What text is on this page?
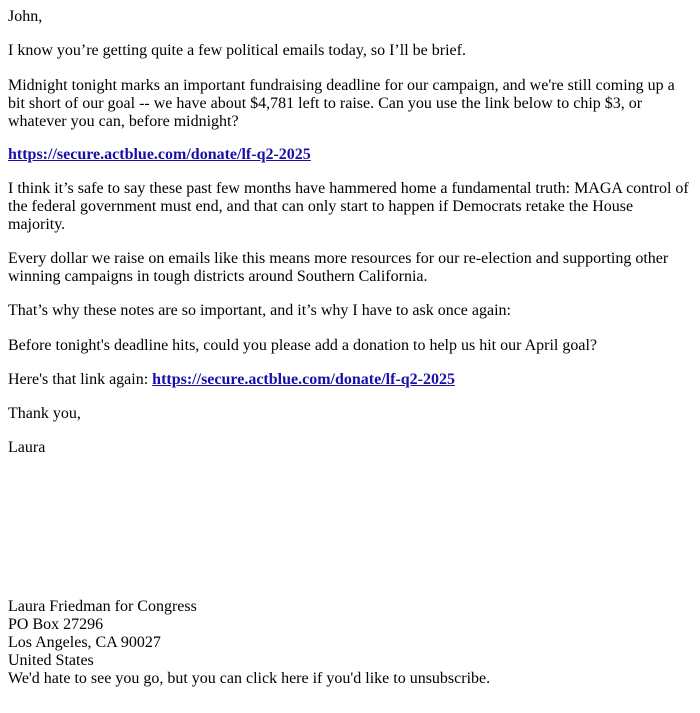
John,

I know you’re getting quite a few political emails today, so I’ll be brief.

Midnight tonight marks an important fundraising deadline for our campaign, and we're still coming up a bit short of our goal -- we have about $4,781 left to raise. Can you use the link below to chip $3, or whatever you can, before midnight?

https://secure.actblue.com/donate/lf-q2-2025

I think it’s safe to say these past few months have hammered home a fundamental truth: MAGA control of the federal government must end, and that can only start to happen if Democrats retake the House majority.

Every dollar we raise on emails like this means more resources for our re-election and supporting other winning campaigns in tough districts around Southern California.

That’s why these notes are so important, and it’s why I have to ask once again:

Before tonight's deadline hits, could you please add a donation to help us hit our April goal?

Here's that link again: https://secure.actblue.com/donate/lf-q2-2025

Thank you,

Laura

Laura Friedman for Congress
PO Box 27296
Los Angeles, CA 90027
United States
We'd hate to see you go, but you can click here if you'd like to unsubscribe.
